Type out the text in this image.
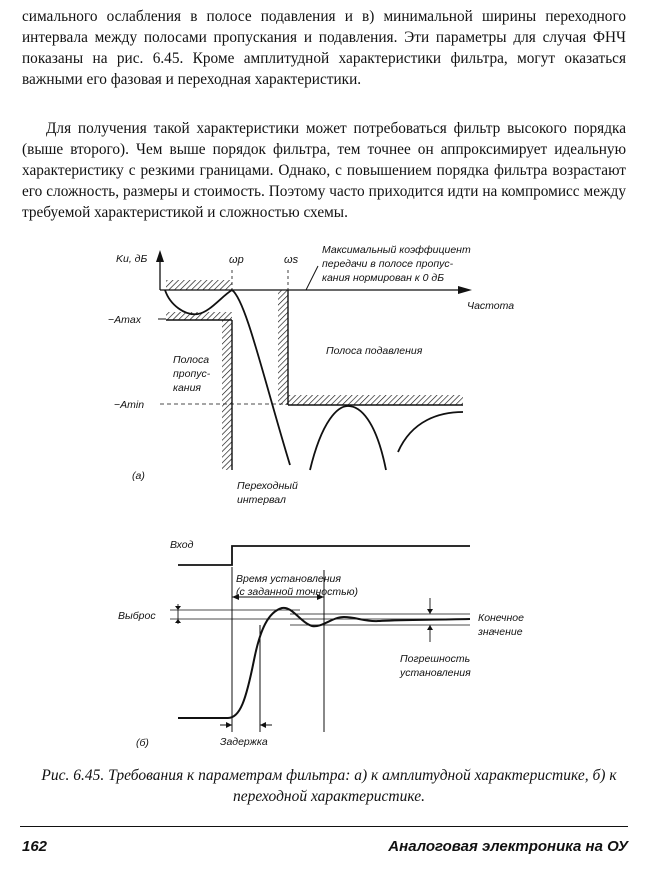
симального ослабления в полосе подавления и в) минимальной ширины переходного интервала между полосами пропускания и подавления. Эти параметры для случая ФНЧ показаны на рис. 6.45. Кроме амплитудной характеристики фильтра, могут оказаться важными его фазовая и переходная характеристики.

Для получения такой характеристики может потребоваться фильтр высокого порядка (выше второго). Чем выше порядок фильтра, тем точнее он аппроксимирует идеальную характеристику с резкими границами. Однако, с повышением порядка фильтра возрастают его сложность, размеры и стоимость. Поэтому часто приходится идти на компромисс между требуемой характеристикой и сложностью схемы.

Ku, дБ
Частота
ωp	ωs
−Amax
−Amin
Максимальный коэффициент
передачи в полосе пропус-
кания нормирован к 0 дБ
Полоса
пропус-
кания
Полоса подавления
Переходный
интервал
(а)
Вход
Время установления
(с заданной точностью)
Выброс	Конечное
значение
Погрешность
установления
Задержка
(б)

Рис. 6.45. Требования к параметрам фильтра: а) к амплитудной характеристике, б) к переходной характеристике.

162	Аналоговая электроника на ОУ
